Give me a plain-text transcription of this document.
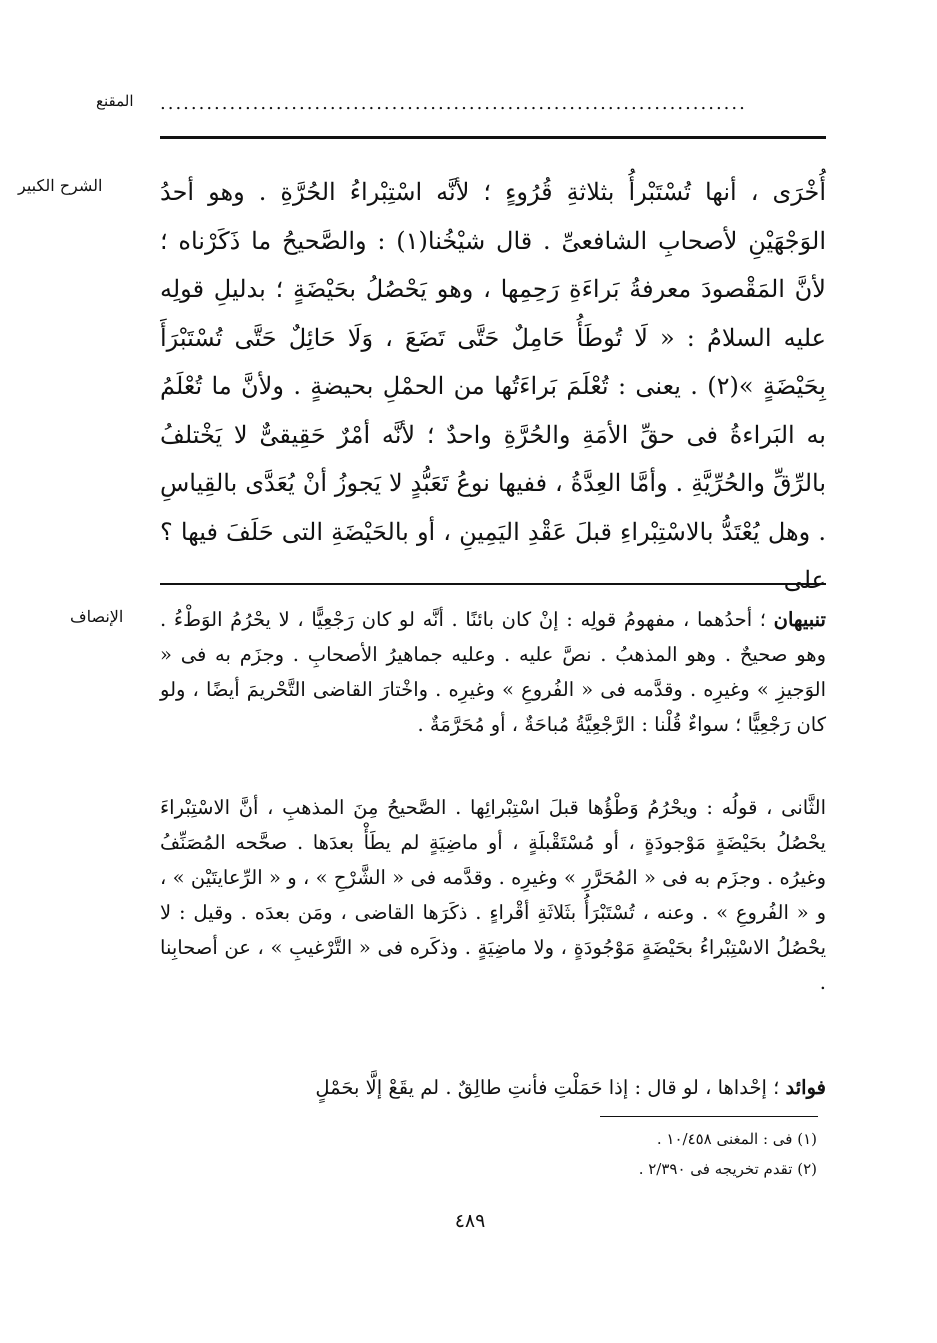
المقنع ............................................................................
الشرح الكبير
الإنصاف
أُخْرَى ، أنها تُسْتَبْرأُ بثلاثةِ قُرُوءٍ ؛ لأنَّه اسْتِبْراءُ الحُرَّةِ . وهو أحدُ الوَجْهَيْنِ لأصحابِ الشافعىِّ . قال شيْخُنا(١) : والصَّحيحُ ما ذَكَرْناه ؛ لأنَّ المَقْصودَ معرفةُ بَراءَةِ رَحِمِها ، وهو يَحْصُلُ بحَيْضَةٍ ؛ بدليلِ قولِه عليه السلامُ : « لَا تُوطَأُ حَامِلٌ حَتَّى تَضَعَ ، وَلَا حَائِلٌ حَتَّى تُسْتَبْرَأَ بِحَيْضَةٍ »(٢) . يعنى : تُعْلَمَ بَراءَتُها من الحمْلِ بحيضةٍ . ولأنَّ ما تُعْلَمُ به البَراءةُ فى حقِّ الأمَةِ والحُرَّةِ واحدٌ ؛ لأنَّه أمْرٌ حَقِيقىٌّ لا يَخْتلفُ بالرِّقِّ والحُرِّيَّةِ . وأمَّا العِدَّةُ ، ففيها نوعُ تَعَبُّدٍ لا يَجوزُ أنْ يُعَدَّى بالقِياسِ . وهل يُعْتَدُّ بالاسْتِبْراءِ قبلَ عَقْدِ اليَمِينِ ، أو بالحَيْضَةِ التى حَلَفَ فيها ؟ على
تنبيهان ؛ أحدُهما ، مفهومُ قولِه : إنْ كان بائنًا . أنَّه لو كان رَجْعِيًّا ، لا يحْرُمُ الوَطْءُ . وهو صحيحٌ . وهو المذهبُ . نصَّ عليه . وعليه جماهيرُ الأصحابِ . وجزَم به فى « الوَجيزِ » وغيرِه . وقدَّمه فى « الفُروعِ » وغيرِه . واخْتارَ القاضى التَّحْريمَ أيضًا ، ولو كان رَجْعِيًّا ؛ سواءٌ قُلْنا : الرَّجْعِيَّةُ مُباحَةٌ ، أو مُحَرَّمَةٌ .
الثَّانى ، قولُه : ويحْرُمُ وَطْؤُها قبلَ اسْتِبْرائِها . الصَّحيحُ مِنَ المذهبِ ، أنَّ الاسْتِبْراءَ يحْصُلُ بحَيْضَةٍ مَوْجودَةٍ ، أو مُسْتَقْبلَةٍ ، أو ماضِيَةٍ لم يطَأْ بعدَها . صحَّحه المُصَنِّفُ وغيرُه . وجزَم به فى « المُحَرَّرِ » وغيرِه . وقدَّمه فى « الشَّرْحِ » ، و « الرِّعايتَيْن » ، و « الفُروعِ » . وعنه ، تُسْتَبْرَأُ بثَلاثَةِ أقْراءٍ . ذكَرَها القاضى ، ومَن بعدَه . وقيل : لا يحْصُلُ الاسْتِبْراءُ بحَيْضَةٍ مَوْجُودَةٍ ، ولا ماضِيَةٍ . وذكَره فى « التَّرْغيبِ » ، عن أصحابِنا .
فوائد ؛ إحْداها ، لو قال : إذا حَمَلْتِ فأنتِ طالِقٌ . لم يقَعْ إلَّا بحَمْلٍ
(١) فى : المغنى ١٠/٤٥٨ .
(٢) تقدم تخريجه فى ٢/٣٩٠ .
٤٨٩
